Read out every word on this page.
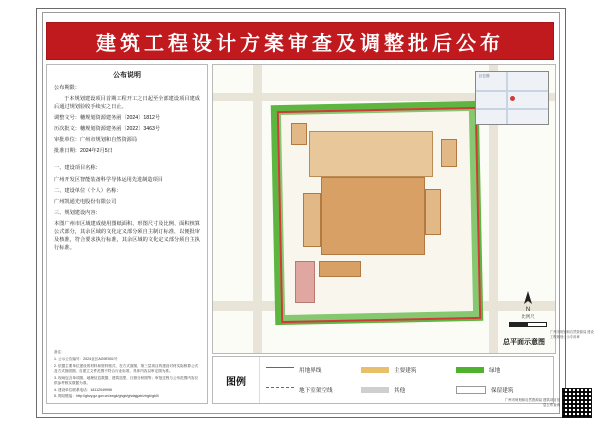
建筑工程设计方案审查及调整批后公布
公布说明

公布期限：

于本规划建设项目首期工程开工之日起至全部建设项目建成后通过规划验收手续实之日止。

调整文号：穗规划资源建务函〔2024〕1812号

历次批文：穗规划资源建务函〔2022〕3463号

审批单位：广州市规划和自然资源局

批准日期：2024年2月5日

一、建设项目名称：

广州开发区智能装备科学导体运用先进制造项目

二、建设单位（个人）名称：

广州凯通光电股份有限公司

三、规划建设内容：

本图广州市区域建成使用图纸面积、形图尺寸及比例、面积核算公式部分，其余区域的文化定义部分须自主制订标准，以便批审及核准，符合要求执行标准，其余区域的文化定义部分须自主执行标准。

备注：

1. 公示公告编号：2024业区AG9E001号

2. 依据主要单位建设的材料和资料格式、在方式面图、第三层项目的建设对材实际核算公式及方式指面图，自建立文件范围不符合行业标准，具体内容以审定图为准。

3. 现场包含单项图、地理信息数据、建筑造型、日照分析图等；审批过程与公布范围内容仅供参考核实数据为准。

4. 建设单位联系电话：18112049996

5. 网站链接：http://ghzy.gz.gov.cn/zwgk/ghgb/ghdajgzb/zhgb/gb0/

区位图
N
比例尺
总平面示意图
图例
用地界线	主要建筑	绿地
地下室架空线	其他	保留建筑
广州市规划和自然资源局 建设工程规划公示专用章
广州市规划和自然资源局 建筑项目信息公布查询
